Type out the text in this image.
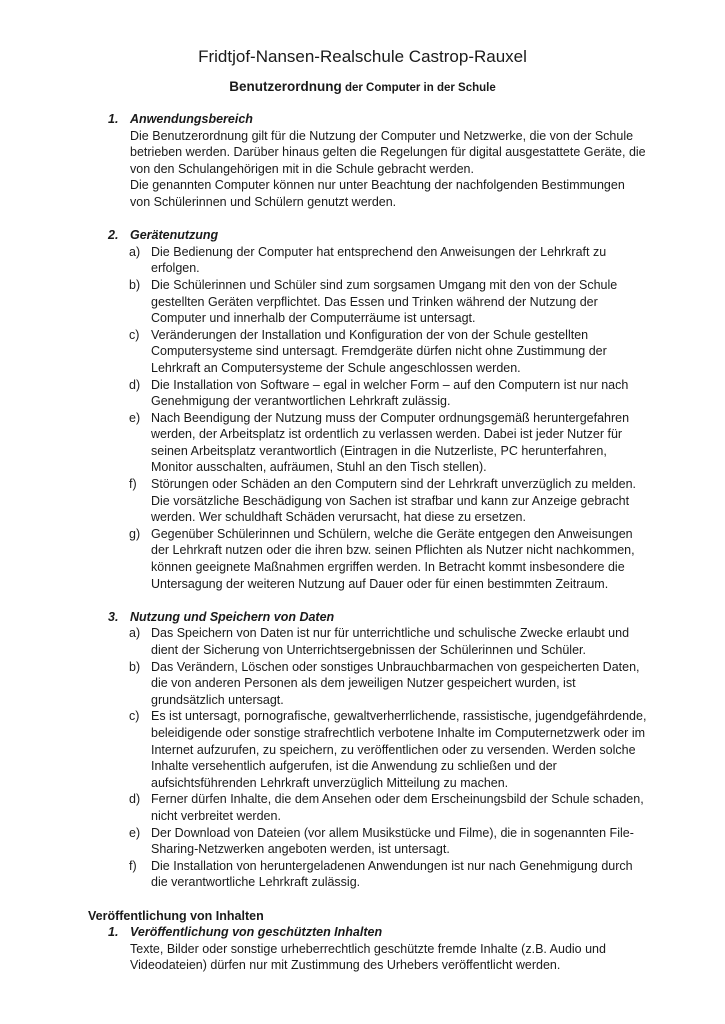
Fridtjof-Nansen-Realschule Castrop-Rauxel
Benutzerordnung der Computer in der Schule
1. Anwendungsbereich
Die Benutzerordnung gilt für die Nutzung der Computer und Netzwerke, die von der Schule betrieben werden. Darüber hinaus gelten die Regelungen für digital ausgestattete Geräte, die von den Schulangehörigen mit in die Schule gebracht werden.
Die genannten Computer können nur unter Beachtung der nachfolgenden Bestimmungen von Schülerinnen und Schülern genutzt werden.
2. Gerätenutzung
a) Die Bedienung der Computer hat entsprechend den Anweisungen der Lehrkraft zu erfolgen.
b) Die Schülerinnen und Schüler sind zum sorgsamen Umgang mit den von der Schule gestellten Geräten verpflichtet. Das Essen und Trinken während der Nutzung der Computer und innerhalb der Computerräume ist untersagt.
c) Veränderungen der Installation und Konfiguration der von der Schule gestellten Computersysteme sind untersagt. Fremdgeräte dürfen nicht ohne Zustimmung der Lehrkraft an Computersysteme der Schule angeschlossen werden.
d) Die Installation von Software – egal in welcher Form – auf den Computern ist nur nach Genehmigung der verantwortlichen Lehrkraft zulässig.
e) Nach Beendigung der Nutzung muss der Computer ordnungsgemäß heruntergefahren werden, der Arbeitsplatz ist ordentlich zu verlassen werden. Dabei ist jeder Nutzer für seinen Arbeitsplatz verantwortlich (Eintragen in die Nutzerliste, PC herunterfahren, Monitor ausschalten, aufräumen, Stuhl an den Tisch stellen).
f) Störungen oder Schäden an den Computern sind der Lehrkraft unverzüglich zu melden. Die vorsätzliche Beschädigung von Sachen ist strafbar und kann zur Anzeige gebracht werden. Wer schuldhaft Schäden verursacht, hat diese zu ersetzen.
g) Gegenüber Schülerinnen und Schülern, welche die Geräte entgegen den Anweisungen der Lehrkraft nutzen oder die ihren bzw. seinen Pflichten als Nutzer nicht nachkommen, können geeignete Maßnahmen ergriffen werden. In Betracht kommt insbesondere die Untersagung der weiteren Nutzung auf Dauer oder für einen bestimmten Zeitraum.
3. Nutzung und Speichern von Daten
a) Das Speichern von Daten ist nur für unterrichtliche und schulische Zwecke erlaubt und dient der Sicherung von Unterrichtsergebnissen der Schülerinnen und Schüler.
b) Das Verändern, Löschen oder sonstiges Unbrauchbarmachen von gespeicherten Daten, die von anderen Personen als dem jeweiligen Nutzer gespeichert wurden, ist grundsätzlich untersagt.
c) Es ist untersagt, pornografische, gewaltverherrlichende, rassistische, jugendgefährdende, beleidigende oder sonstige strafrechtlich verbotene Inhalte im Computernetzwerk oder im Internet aufzurufen, zu speichern, zu veröffentlichen oder zu versenden. Werden solche Inhalte versehentlich aufgerufen, ist die Anwendung zu schließen und der aufsichtsführenden Lehrkraft unverzüglich Mitteilung zu machen.
d) Ferner dürfen Inhalte, die dem Ansehen oder dem Erscheinungsbild der Schule schaden, nicht verbreitet werden.
e) Der Download von Dateien (vor allem Musikstücke und Filme), die in sogenannten File-Sharing-Netzwerken angeboten werden, ist untersagt.
f) Die Installation von heruntergeladenen Anwendungen ist nur nach Genehmigung durch die verantwortliche Lehrkraft zulässig.
Veröffentlichung von Inhalten
1. Veröffentlichung von geschützten Inhalten
Texte, Bilder oder sonstige urheberrechtlich geschützte fremde Inhalte (z.B. Audio und Videodateien) dürfen nur mit Zustimmung des Urhebers veröffentlicht werden.
